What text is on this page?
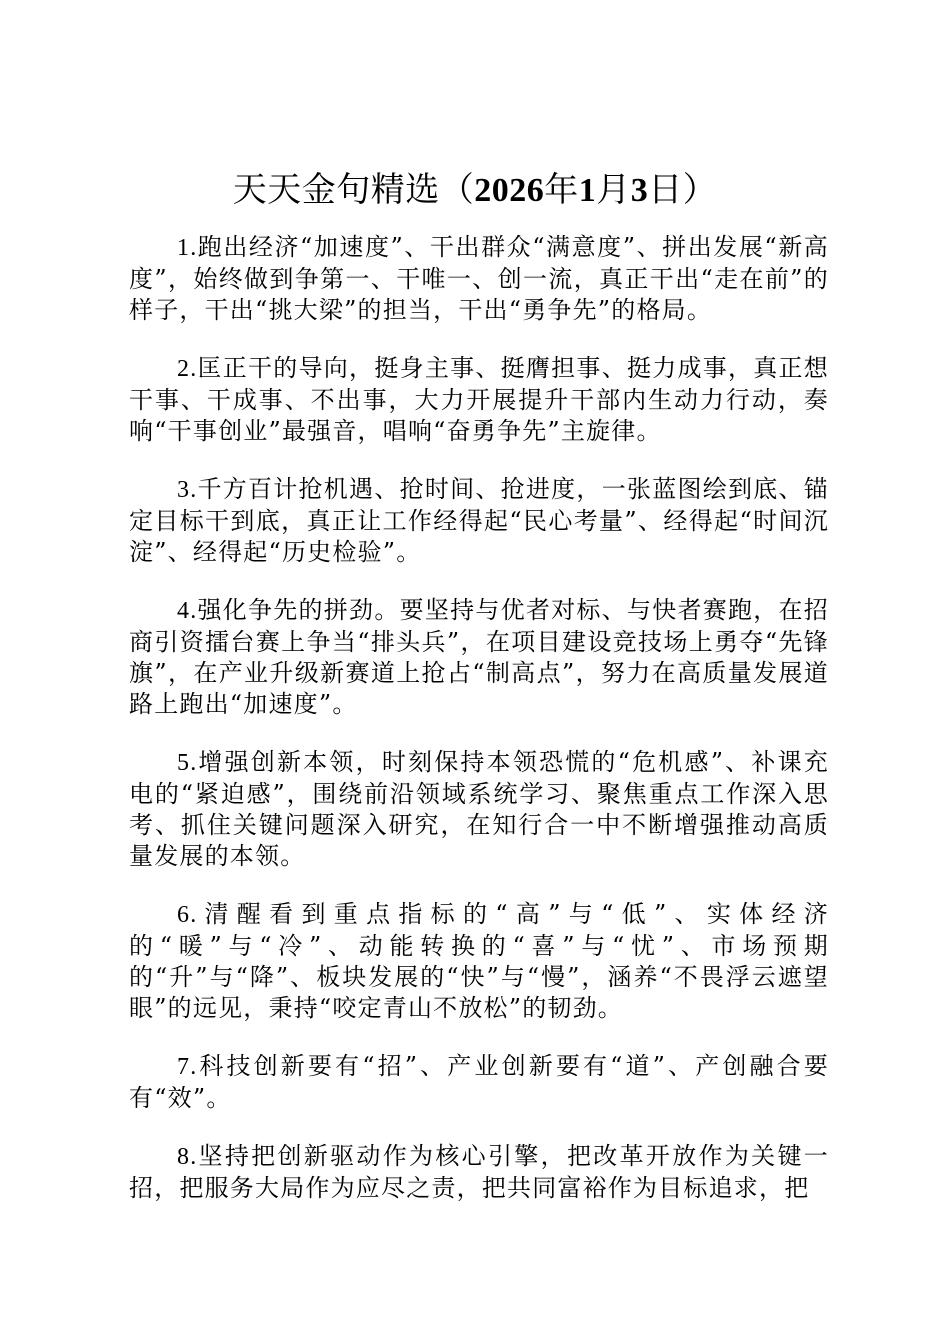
天天金句精选（2026年1月3日）

1.跑出经济“加速度”、干出群众“满意度”、拼出发展“新高度”，始终做到争第一、干唯一、创一流，真正干出“走在前”的样子，干出“挑大梁”的担当，干出“勇争先”的格局。

2.匡正干的导向，挺身主事、挺膺担事、挺力成事，真正想干事、干成事、不出事，大力开展提升干部内生动力行动，奏响“干事创业”最强音，唱响“奋勇争先”主旋律。

3.千方百计抢机遇、抢时间、抢进度，一张蓝图绘到底、锚定目标干到底，真正让工作经得起“民心考量”、经得起“时间沉淀”、经得起“历史检验”。

4.强化争先的拼劲。要坚持与优者对标、与快者赛跑，在招商引资擂台赛上争当“排头兵”，在项目建设竞技场上勇夺“先锋旗”，在产业升级新赛道上抢占“制高点”，努力在高质量发展道路上跑出“加速度”。

5.增强创新本领，时刻保持本领恐慌的“危机感”、补课充电的“紧迫感”，围绕前沿领域系统学习、聚焦重点工作深入思考、抓住关键问题深入研究，在知行合一中不断增强推动高质量发展的本领。

6.清醒看到重点指标的“高”与“低”、实体经济的“暖”与“冷”、动能转换的“喜”与“忧”、市场预期的“升”与“降”、板块发展的“快”与“慢”，涵养“不畏浮云遮望眼”的远见，秉持“咬定青山不放松”的韧劲。

7.科技创新要有“招”、产业创新要有“道”、产创融合要有“效”。

8.坚持把创新驱动作为核心引擎，把改革开放作为关键一招，把服务大局作为应尽之责，把共同富裕作为目标追求，把
